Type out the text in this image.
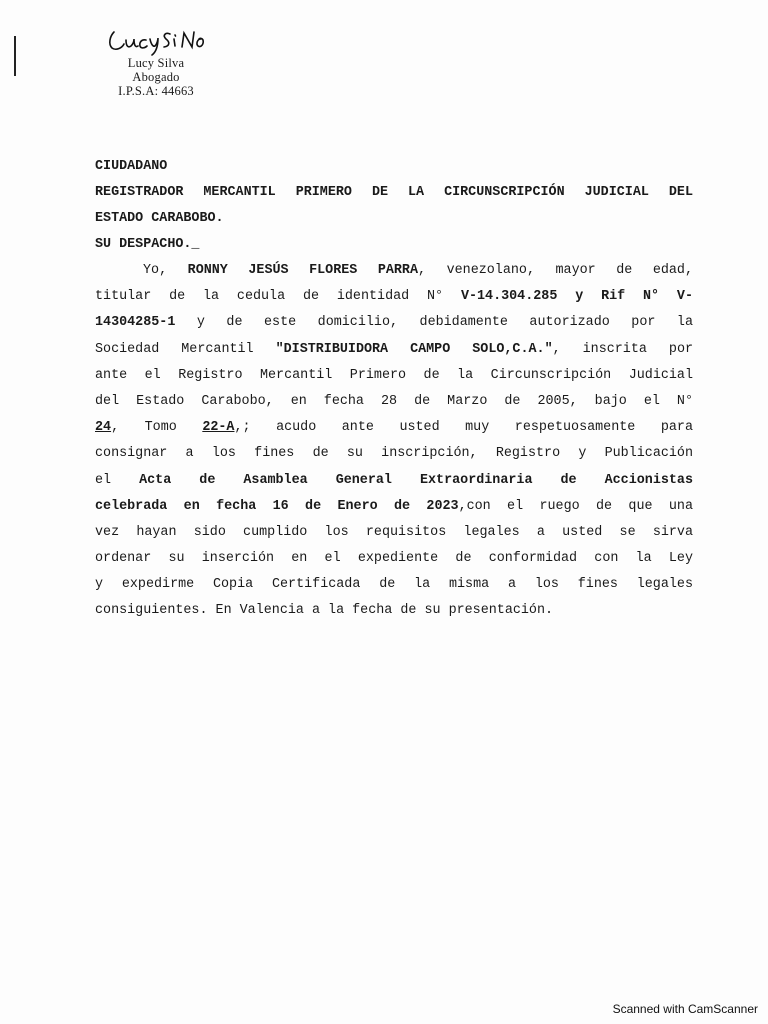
Lucy Silva
Abogado
I.P.S.A: 44663
CIUDADANO
REGISTRADOR MERCANTIL PRIMERO DE LA CIRCUNSCRIPCIÓN JUDICIAL DEL
ESTADO CARABOBO.
SU DESPACHO._
Yo, RONNY JESÚS FLORES PARRA, venezolano, mayor de edad,
titular de la cedula de identidad N° V-14.304.285 y Rif N° V-
14304285-1 y de este domicilio, debidamente autorizado por la
Sociedad Mercantil "DISTRIBUIDORA CAMPO SOLO,C.A.", inscrita por
ante el Registro Mercantil Primero de la Circunscripción Judicial
del Estado Carabobo, en fecha 28 de Marzo de 2005, bajo el N°
24, Tomo 22-A,; acudo ante usted muy respetuosamente para
consignar a los fines de su inscripción, Registro y Publicación
el Acta de Asamblea General Extraordinaria de Accionistas
celebrada en fecha 16 de Enero de 2023,con el ruego de que una
vez hayan sido cumplido los requisitos legales a usted se sirva
ordenar su inserción en el expediente de conformidad con la Ley
y expedirme Copia Certificada de la misma a los fines legales
consiguientes. En Valencia a la fecha de su presentación.
Scanned with CamScanner
